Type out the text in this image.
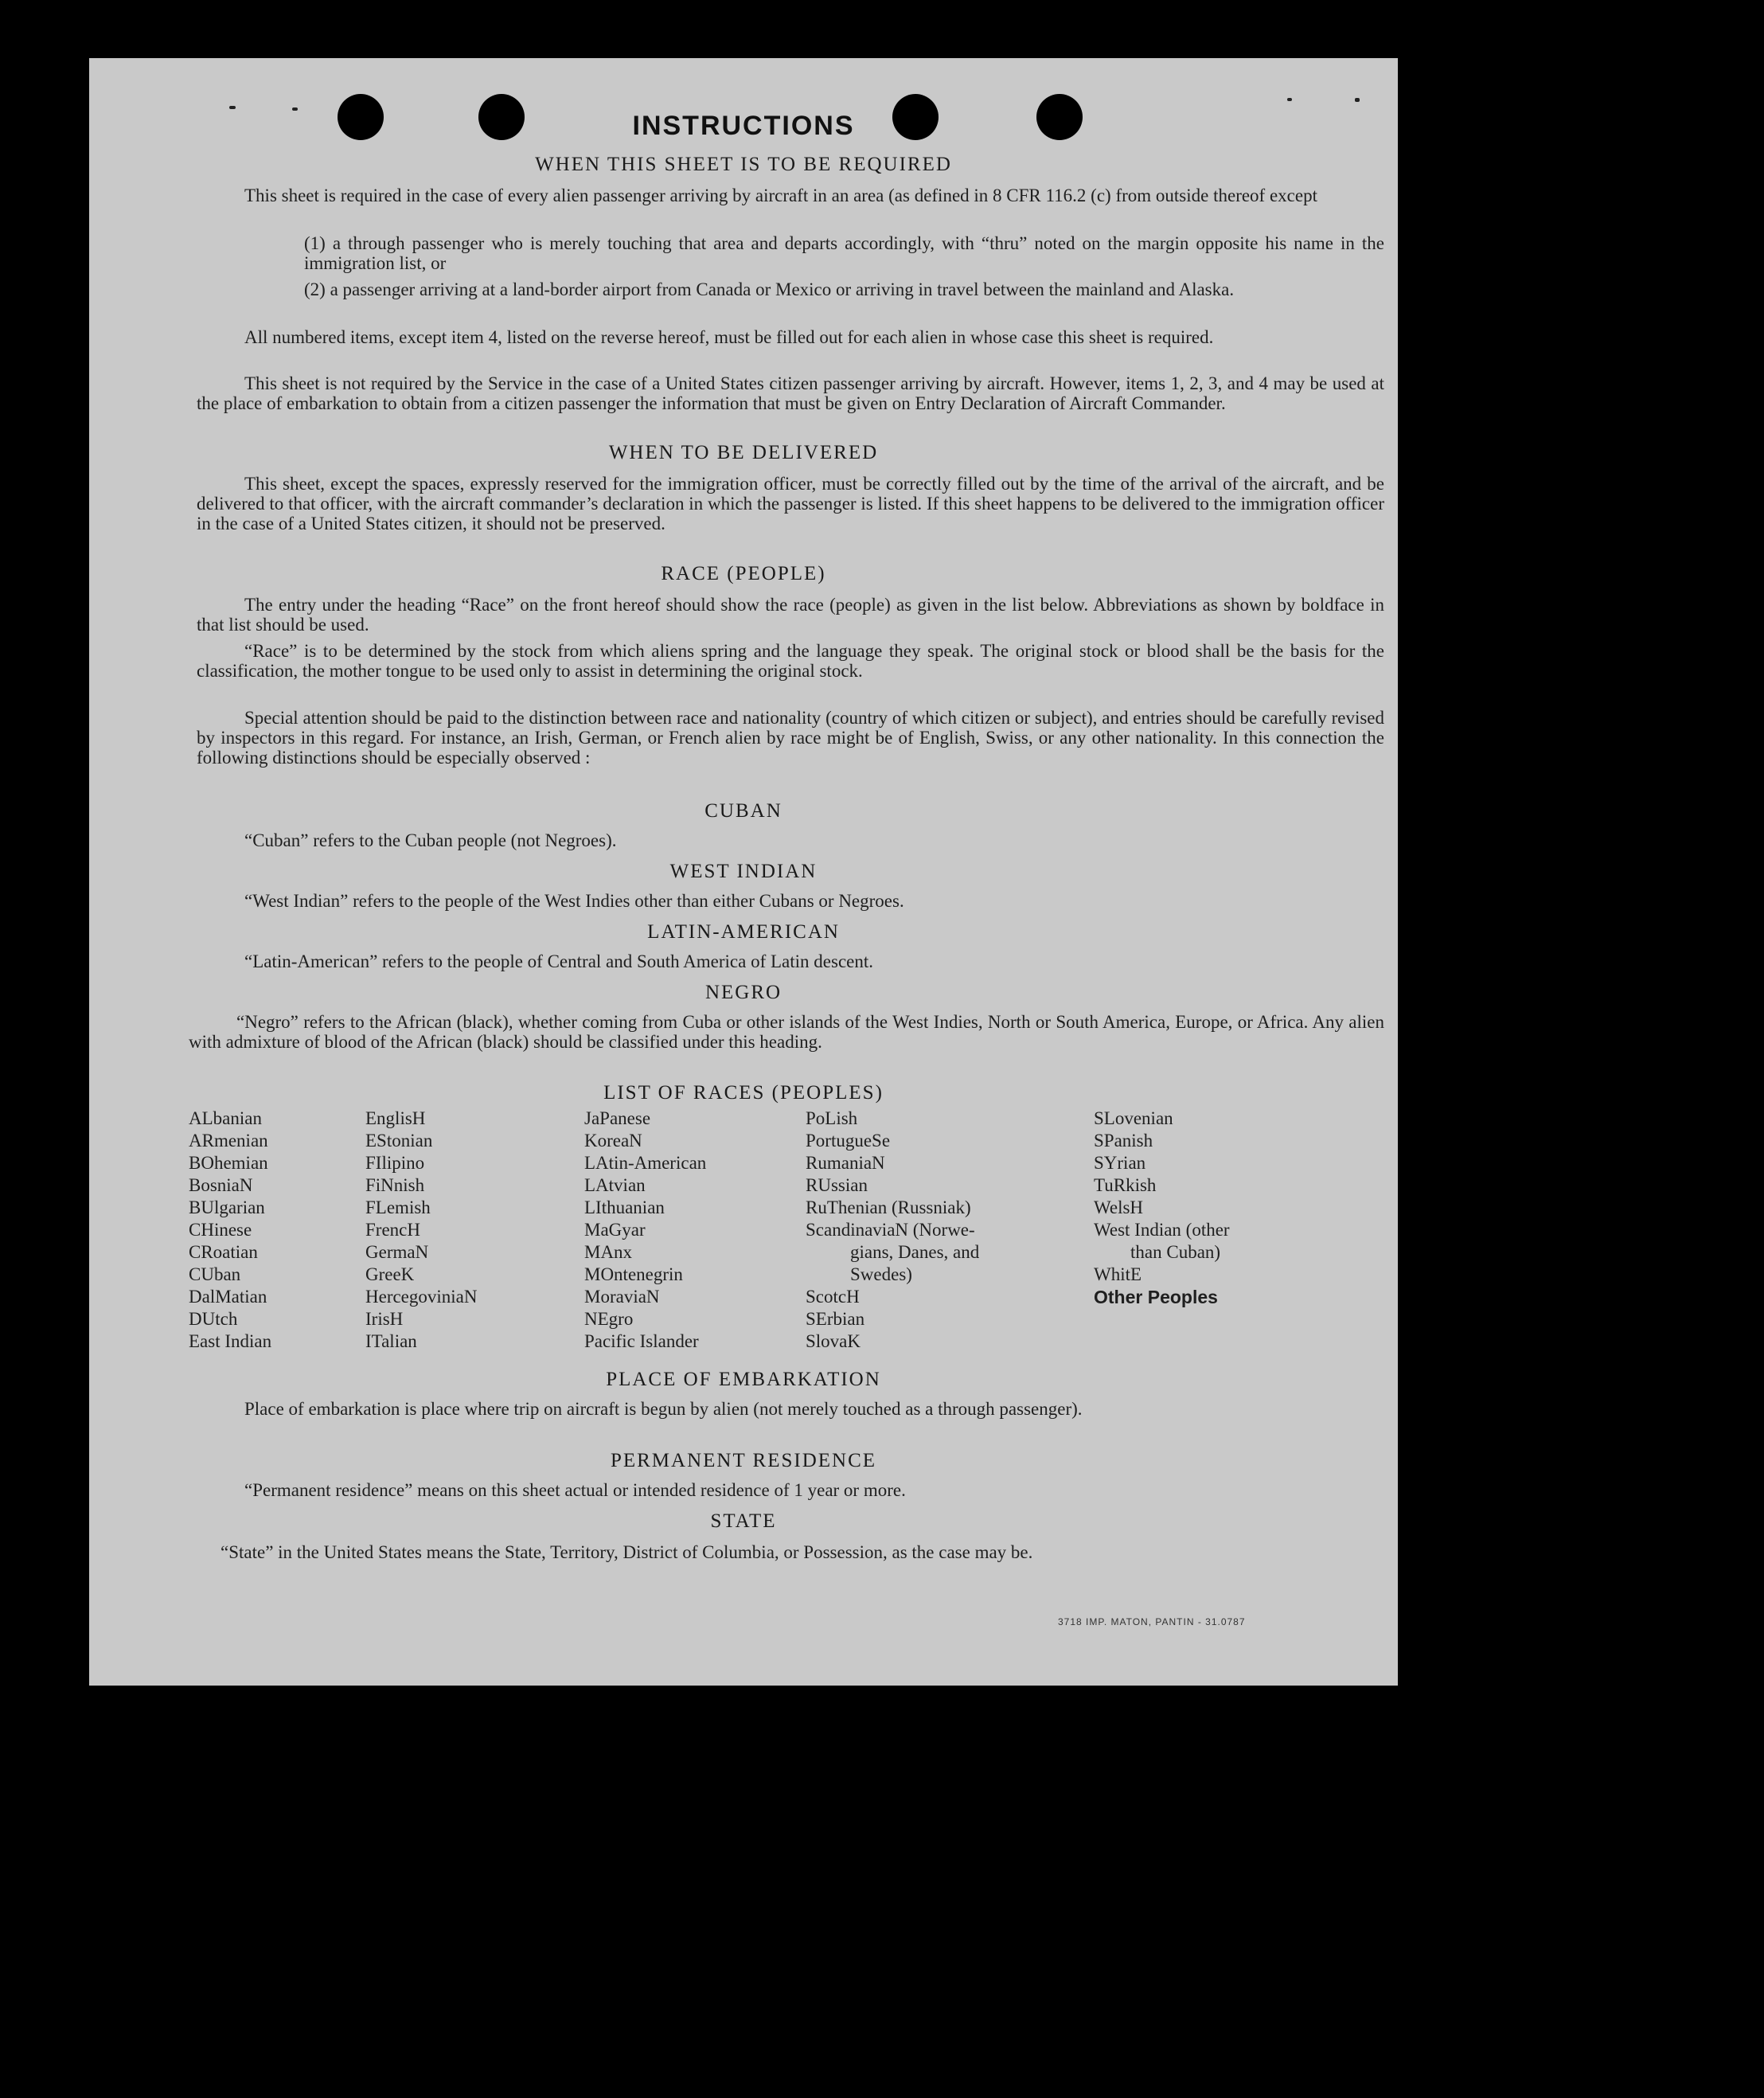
INSTRUCTIONS
WHEN THIS SHEET IS TO BE REQUIRED
This sheet is required in the case of every alien passenger arriving by aircraft in an area (as defined in 8 CFR 116.2 (c) from outside thereof except
(1) a through passenger who is merely touching that area and departs accordingly, with “thru” noted on the margin opposite his name in the immigration list, or
(2) a passenger arriving at a land-border airport from Canada or Mexico or arriving in travel between the mainland and Alaska.
All numbered items, except item 4, listed on the reverse hereof, must be filled out for each alien in whose case this sheet is required.
This sheet is not required by the Service in the case of a United States citizen passenger arriving by aircraft. However, items 1, 2, 3, and 4 may be used at the place of embarkation to obtain from a citizen passenger the information that must be given on Entry Declaration of Aircraft Commander.
WHEN TO BE DELIVERED
This sheet, except the spaces, expressly reserved for the immigration officer, must be correctly filled out by the time of the arrival of the aircraft, and be delivered to that officer, with the aircraft commander’s declaration in which the passenger is listed. If this sheet happens to be delivered to the immigration officer in the case of a United States citizen, it should not be preserved.
RACE (PEOPLE)
The entry under the heading “Race” on the front hereof should show the race (people) as given in the list below. Abbreviations as shown by boldface in that list should be used.
“Race” is to be determined by the stock from which aliens spring and the language they speak. The original stock or blood shall be the basis for the classification, the mother tongue to be used only to assist in determining the original stock.
Special attention should be paid to the distinction between race and nationality (country of which citizen or subject), and entries should be carefully revised by inspectors in this regard. For instance, an Irish, German, or French alien by race might be of English, Swiss, or any other nationality. In this connection the following distinctions should be especially observed :
CUBAN
“Cuban” refers to the Cuban people (not Negroes).
WEST INDIAN
“West Indian” refers to the people of the West Indies other than either Cubans or Negroes.
LATIN-AMERICAN
“Latin-American” refers to the people of Central and South America of Latin descent.
NEGRO
“Negro” refers to the African (black), whether coming from Cuba or other islands of the West Indies, North or South America, Europe, or Africa. Any alien with admixture of blood of the African (black) should be classified under this heading.
LIST OF RACES (PEOPLES)
ALbanian
ARmenian
BOhemian
BosniaN
BUlgarian
CHinese
CRoatian
CUban
DalMatian
DUtch
East Indian
EnglisH
EStonian
FIlipino
FiNnish
FLemish
FrencH
GermaN
GreeK
HercegoviniaN
IrisH
ITalian
JaPanese
KoreaN
LAtin-American
LAtvian
LIthuanian
MaGyar
MAnx
MOntenegrin
MoraviaN
NEgro
Pacific Islander
PoLish
PortugueSe
RumaniaN
RUssian
RuThenian (Russniak)
ScandinaviaN (Norwe-
gians, Danes, and
Swedes)
ScotcH
SErbian
SlovaK
SLovenian
SPanish
SYrian
TuRkish
WelsH
West Indian (other
than Cuban)
WhitE
Other Peoples
PLACE OF EMBARKATION
Place of embarkation is place where trip on aircraft is begun by alien (not merely touched as a through passenger).
PERMANENT RESIDENCE
“Permanent residence” means on this sheet actual or intended residence of 1 year or more.
STATE
“State” in the United States means the State, Territory, District of Columbia, or Possession, as the case may be.
3718 IMP. MATON, PANTIN - 31.0787
